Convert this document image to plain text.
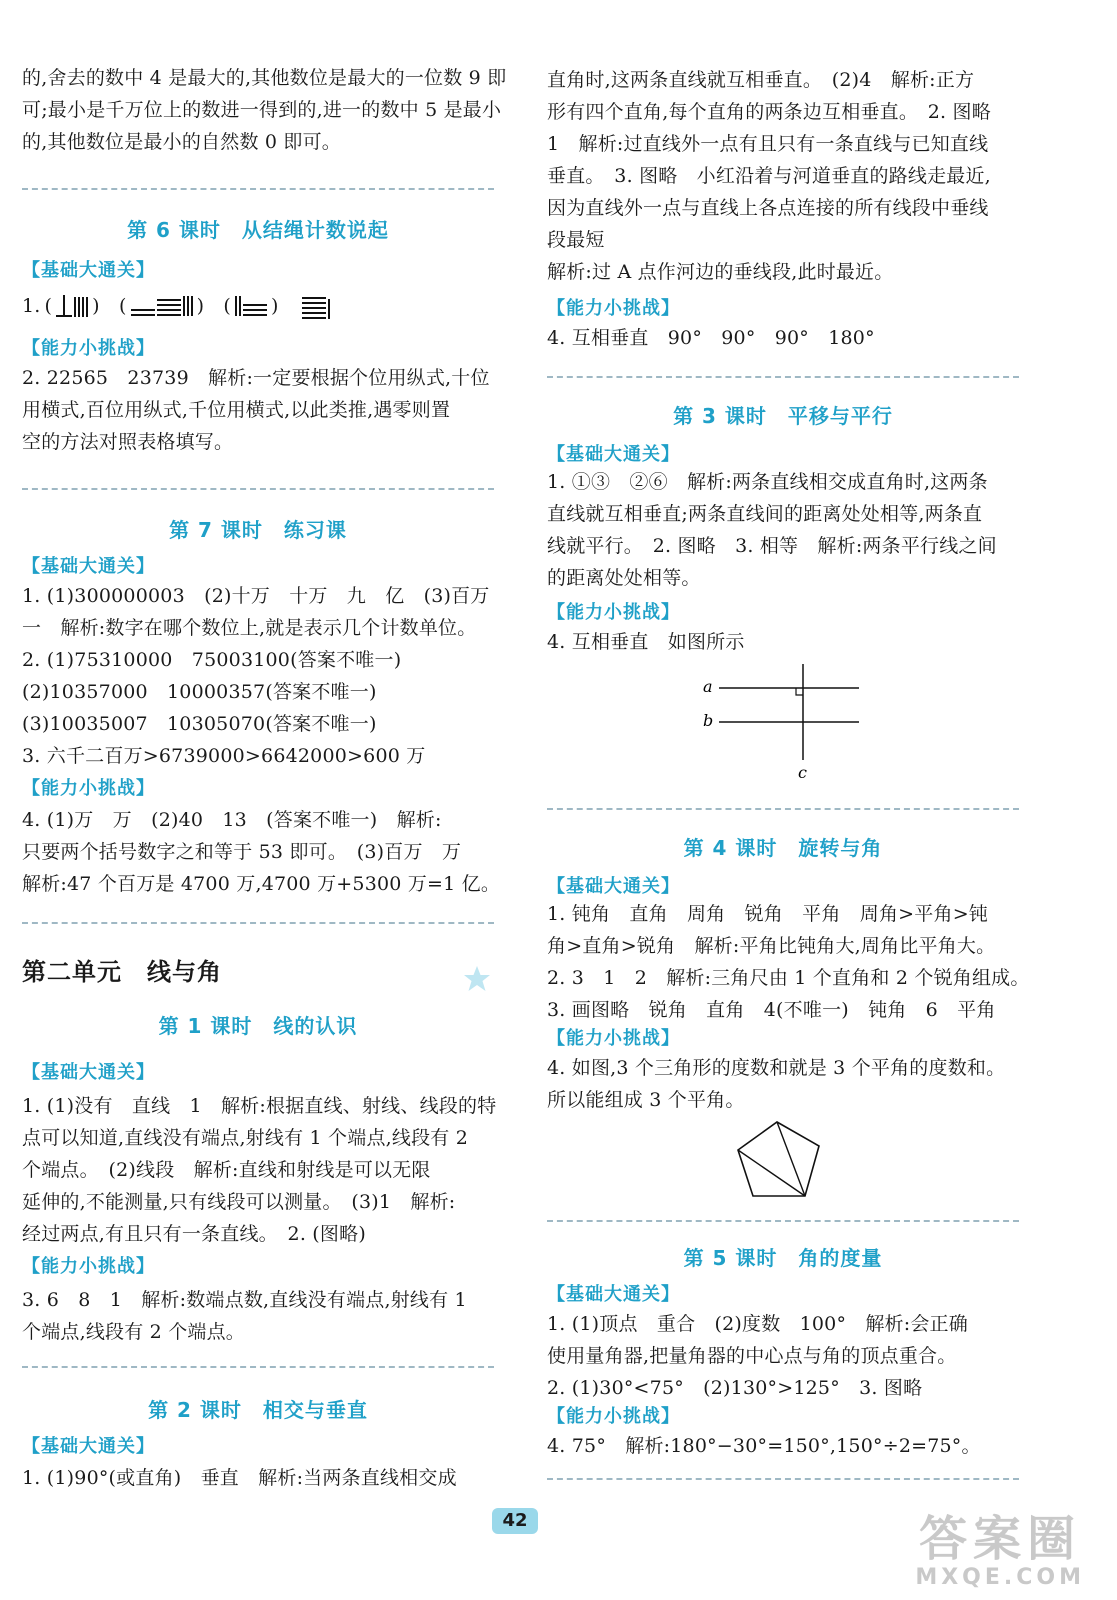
的,舍去的数中 4 是最大的,其他数位是最大的一位数 9 即

可;最小是千万位上的数进一得到的,进一的数中 5 是最小

的,其他数位是最小的自然数 0 即可。

第 6 课时　从结绳计数说起
【基础大通关】
1. ( )　(	)　( )　
【能力小挑战】

2. 22565　23739　解析:一定要根据个位用纵式,十位

用横式,百位用纵式,千位用横式,以此类推,遇零则置

空的方法对照表格填写。

第 7 课时　练习课
【基础大通关】

1. (1)300000003　(2)十万　十万　九　亿　(3)百万

一　解析:数字在哪个数位上,就是表示几个计数单位。

2. (1)75310000　75003100(答案不唯一)

(2)10357000　10000357(答案不唯一)

(3)10035007　10305070(答案不唯一)

3. 六千二百万>6739000>6642000>600 万

【能力小挑战】

4. (1)万　万　(2)40　13　(答案不唯一)　解析:

只要两个括号数字之和等于 53 即可。　(3)百万　万

解析:47 个百万是 4700 万,4700 万+5300 万=1 亿。

第二单元　线与角
第 1 课时　线的认识
【基础大通关】

1. (1)没有　直线　1　解析:根据直线、射线、线段的特

点可以知道,直线没有端点,射线有 1 个端点,线段有 2

个端点。　(2)线段　解析:直线和射线是可以无限

延伸的,不能测量,只有线段可以测量。　(3)1　解析:

经过两点,有且只有一条直线。　2. (图略)

【能力小挑战】

3. 6　8　1　解析:数端点数,直线没有端点,射线有 1

个端点,线段有 2 个端点。

第 2 课时　相交与垂直
【基础大通关】

1. (1)90°(或直角)　垂直　解析:当两条直线相交成

直角时,这两条直线就互相垂直。　(2)4　解析:正方

形有四个直角,每个直角的两条边互相垂直。　2. 图略

1　解析:过直线外一点有且只有一条直线与已知直线

垂直。　3. 图略　小红沿着与河道垂直的路线走最近,

因为直线外一点与直线上各点连接的所有线段中垂线

段最短

解析:过 A 点作河边的垂线段,此时最近。

【能力小挑战】

4. 互相垂直　90°　90°　90°　180°

第 3 课时　平移与平行
【基础大通关】

1. ①③　②⑥　解析:两条直线相交成直角时,这两条

直线就互相垂直;两条直线间的距离处处相等,两条直

线就平行。　2. 图略　3. 相等　解析:两条平行线之间

的距离处处相等。

【能力小挑战】

4. 互相垂直　如图所示

a
b
c
第 4 课时　旋转与角
【基础大通关】

1. 钝角　直角　周角　锐角　平角　周角>平角>钝

角>直角>锐角　解析:平角比钝角大,周角比平角大。

2. 3　1　2　解析:三角尺由 1 个直角和 2 个锐角组成。

3. 画图略　锐角　直角　4(不唯一)　钝角　6　平角

【能力小挑战】

4. 如图,3 个三角形的度数和就是 3 个平角的度数和。

所以能组成 3 个平角。

第 5 课时　角的度量
【基础大通关】

1. (1)顶点　重合　(2)度数　100°　解析:会正确

使用量角器,把量角器的中心点与角的顶点重合。

2. (1)30°<75°　(2)130°>125°　3. 图略

【能力小挑战】

4. 75°　解析:180°−30°=150°,150°÷2=75°。

42	答案圈
MXQE.COM
